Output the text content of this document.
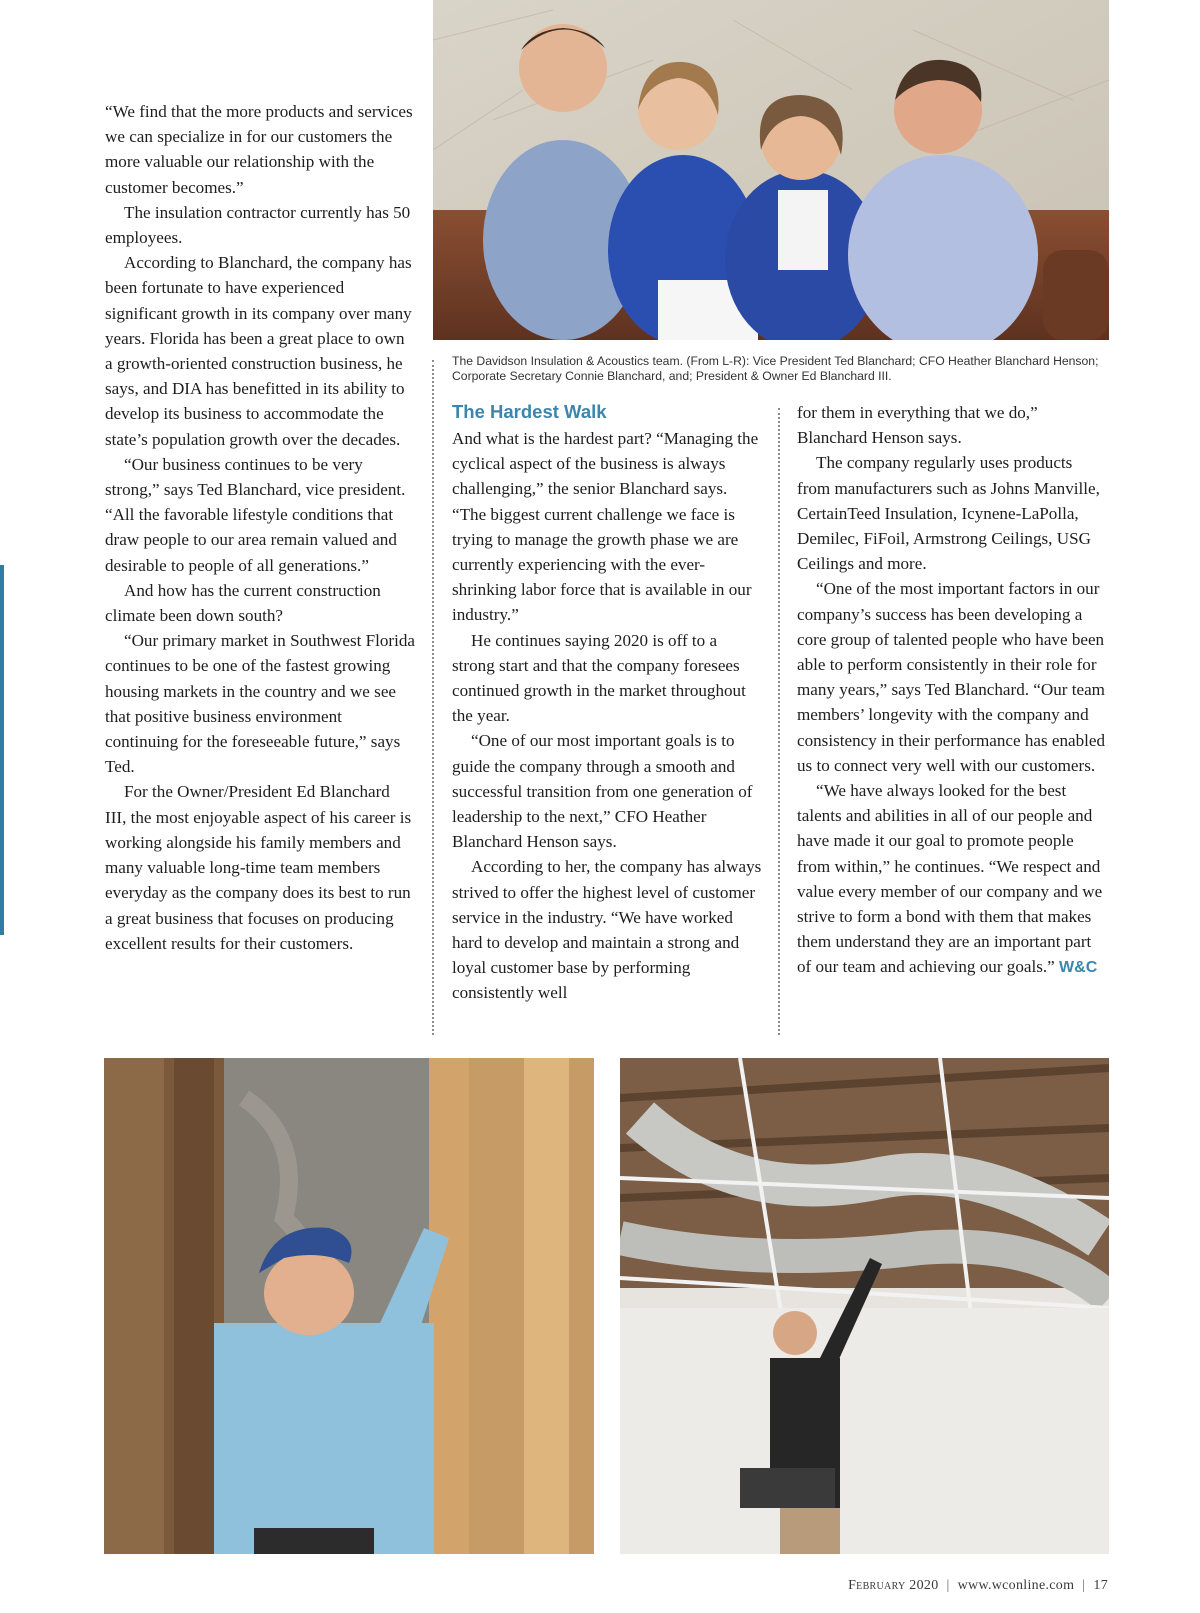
The Davidson Insulation & Acoustics team. (From L-R): Vice President Ted Blanchard; CFO Heather Blanchard Henson; Corporate Secretary Connie Blanchard, and; President & Owner Ed Blanchard III.

“We find that the more products and services we can specialize in for our customers the more valuable our relationship with the customer becomes.”

The insulation contractor currently has 50 employees.

According to Blanchard, the company has been fortunate to have experienced significant growth in its company over many years. Florida has been a great place to own a growth-oriented construction business, he says, and DIA has benefitted in its ability to develop its business to accommodate the state’s population growth over the decades.

“Our business continues to be very strong,” says Ted Blanchard, vice president. “All the favorable lifestyle conditions that draw people to our area remain valued and desirable to people of all generations.”

And how has the current construction climate been down south?

“Our primary market in Southwest Florida continues to be one of the fastest growing housing markets in the country and we see that positive business environment continuing for the foreseeable future,” says Ted.

For the Owner/President Ed Blanchard III, the most enjoyable aspect of his career is working alongside his family members and many valuable long-time team members everyday as the company does its best to run a great business that focuses on producing excellent results for their customers.

The Hardest Walk

And what is the hardest part? “Managing the cyclical aspect of the business is always challenging,” the senior Blanchard says. “The biggest current challenge we face is trying to manage the growth phase we are currently experiencing with the ever-shrinking labor force that is available in our industry.”

He continues saying 2020 is off to a strong start and that the company foresees continued growth in the market throughout the year.

“One of our most important goals is to guide the company through a smooth and successful transition from one generation of leadership to the next,” CFO Heather Blanchard Henson says.

According to her, the company has always strived to offer the highest level of customer service in the industry. “We have worked hard to develop and maintain a strong and loyal customer base by performing consistently well

for them in everything that we do,” Blanchard Henson says.

The company regularly uses products from manufacturers such as Johns Manville, CertainTeed Insulation, Icynene-LaPolla, Demilec, FiFoil, Armstrong Ceilings, USG Ceilings and more.

“One of the most important factors in our company’s success has been developing a core group of talented people who have been able to perform consistently in their role for many years,” says Ted Blanchard. “Our team members’ longevity with the company and consistency in their performance has enabled us to connect very well with our customers.

“We have always looked for the best talents and abilities in all of our people and have made it our goal to promote people from within,” he continues. “We respect and value every member of our company and we strive to form a bond with them that makes them understand they are an important part of our team and achieving our goals.” W&C

February 2020 | www.wconline.com | 17
